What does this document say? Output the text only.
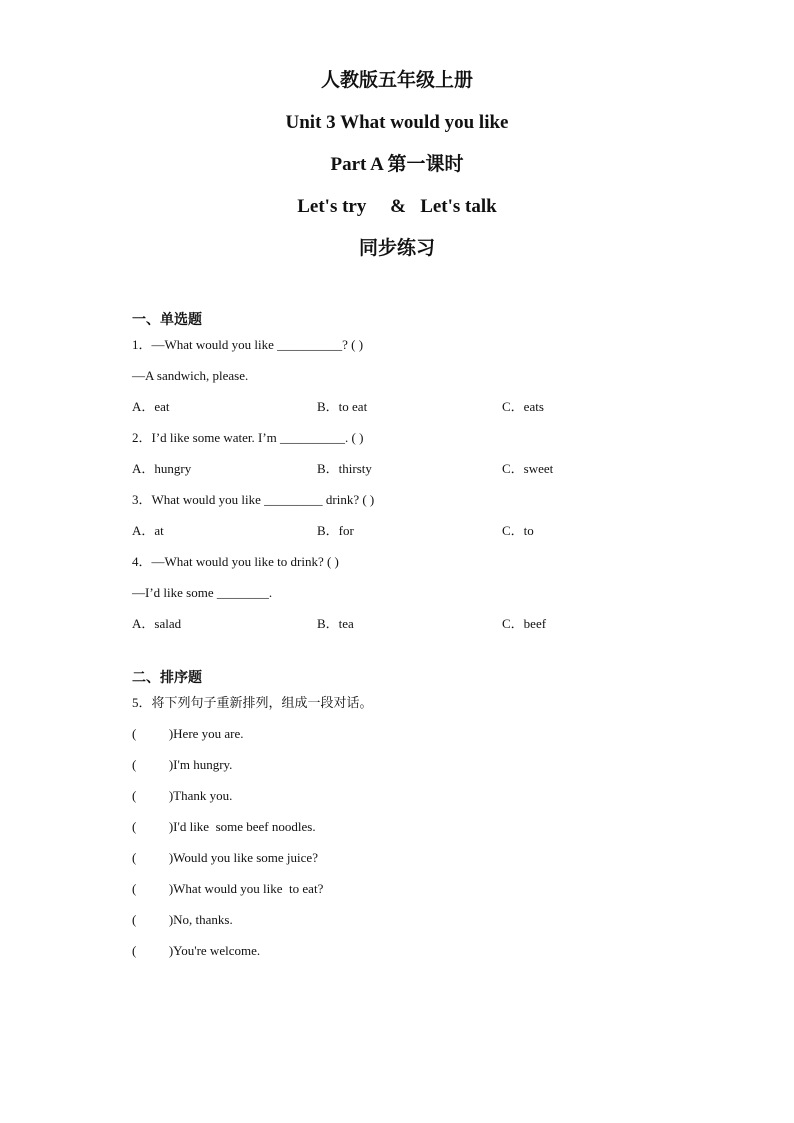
人教版五年级上册
Unit 3 What would you like
Part A 第一课时
Let's try     &   Let's talk
同步练习
一、单选题
1．—What would you like __________? ( )
—A sandwich, please.
A．eat	B．to eat	C．eats
2．I’d like some water. I’m __________. ( )
A．hungry	B．thirsty	C．sweet
3．What would you like _________ drink? ( )
A．at	B．for	C．to
4．—What would you like to drink? ( )
—I’d like some ________.
A．salad	B．tea	C．beef
二、排序题
5．将下列句子重新排列，组成一段对话。
(          )Here you are.
(          )I'm hungry.
(          )Thank you.
(          )I'd like  some beef noodles.
(          )Would you like some juice?
(          )What would you like  to eat?
(          )No, thanks.
(          )You're welcome.
